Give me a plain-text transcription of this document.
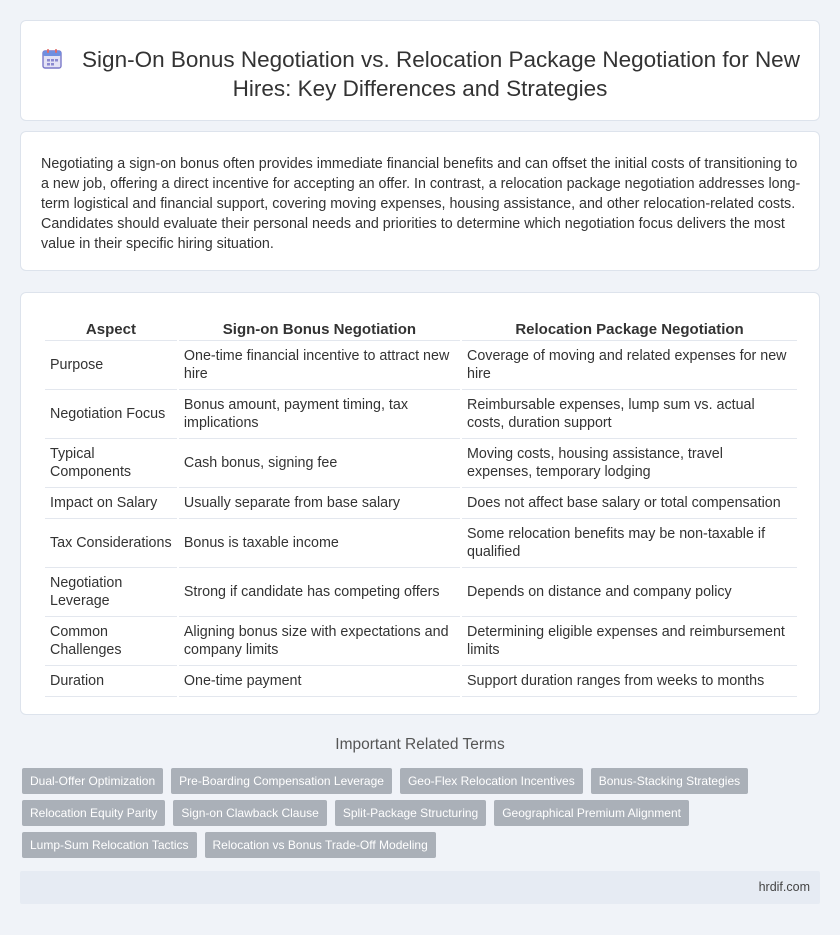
Sign-On Bonus Negotiation vs. Relocation Package Negotiation for New Hires: Key Differences and Strategies

Negotiating a sign-on bonus often provides immediate financial benefits and can offset the initial costs of transitioning to a new job, offering a direct incentive for accepting an offer. In contrast, a relocation package negotiation addresses long-term logistical and financial support, covering moving expenses, housing assistance, and other relocation-related costs. Candidates should evaluate their personal needs and priorities to determine which negotiation focus delivers the most value in their specific hiring situation.

Aspect	Sign-on Bonus Negotiation	Relocation Package Negotiation
Purpose	One-time financial incentive to attract new hire	Coverage of moving and related expenses for new hire
Negotiation Focus	Bonus amount, payment timing, tax implications	Reimbursable expenses, lump sum vs. actual costs, duration support
Typical Components	Cash bonus, signing fee	Moving costs, housing assistance, travel expenses, temporary lodging
Impact on Salary	Usually separate from base salary	Does not affect base salary or total compensation
Tax Considerations	Bonus is taxable income	Some relocation benefits may be non-taxable if qualified
Negotiation Leverage	Strong if candidate has competing offers	Depends on distance and company policy
Common Challenges	Aligning bonus size with expectations and company limits	Determining eligible expenses and reimbursement limits
Duration	One-time payment	Support duration ranges from weeks to months
Important Related Terms
Dual-Offer Optimization	Pre-Boarding Compensation Leverage	Geo-Flex Relocation Incentives	Bonus-Stacking Strategies
Relocation Equity Parity	Sign-on Clawback Clause	Split-Package Structuring	Geographical Premium Alignment
Lump-Sum Relocation Tactics	Relocation vs Bonus Trade-Off Modeling
hrdif.com
